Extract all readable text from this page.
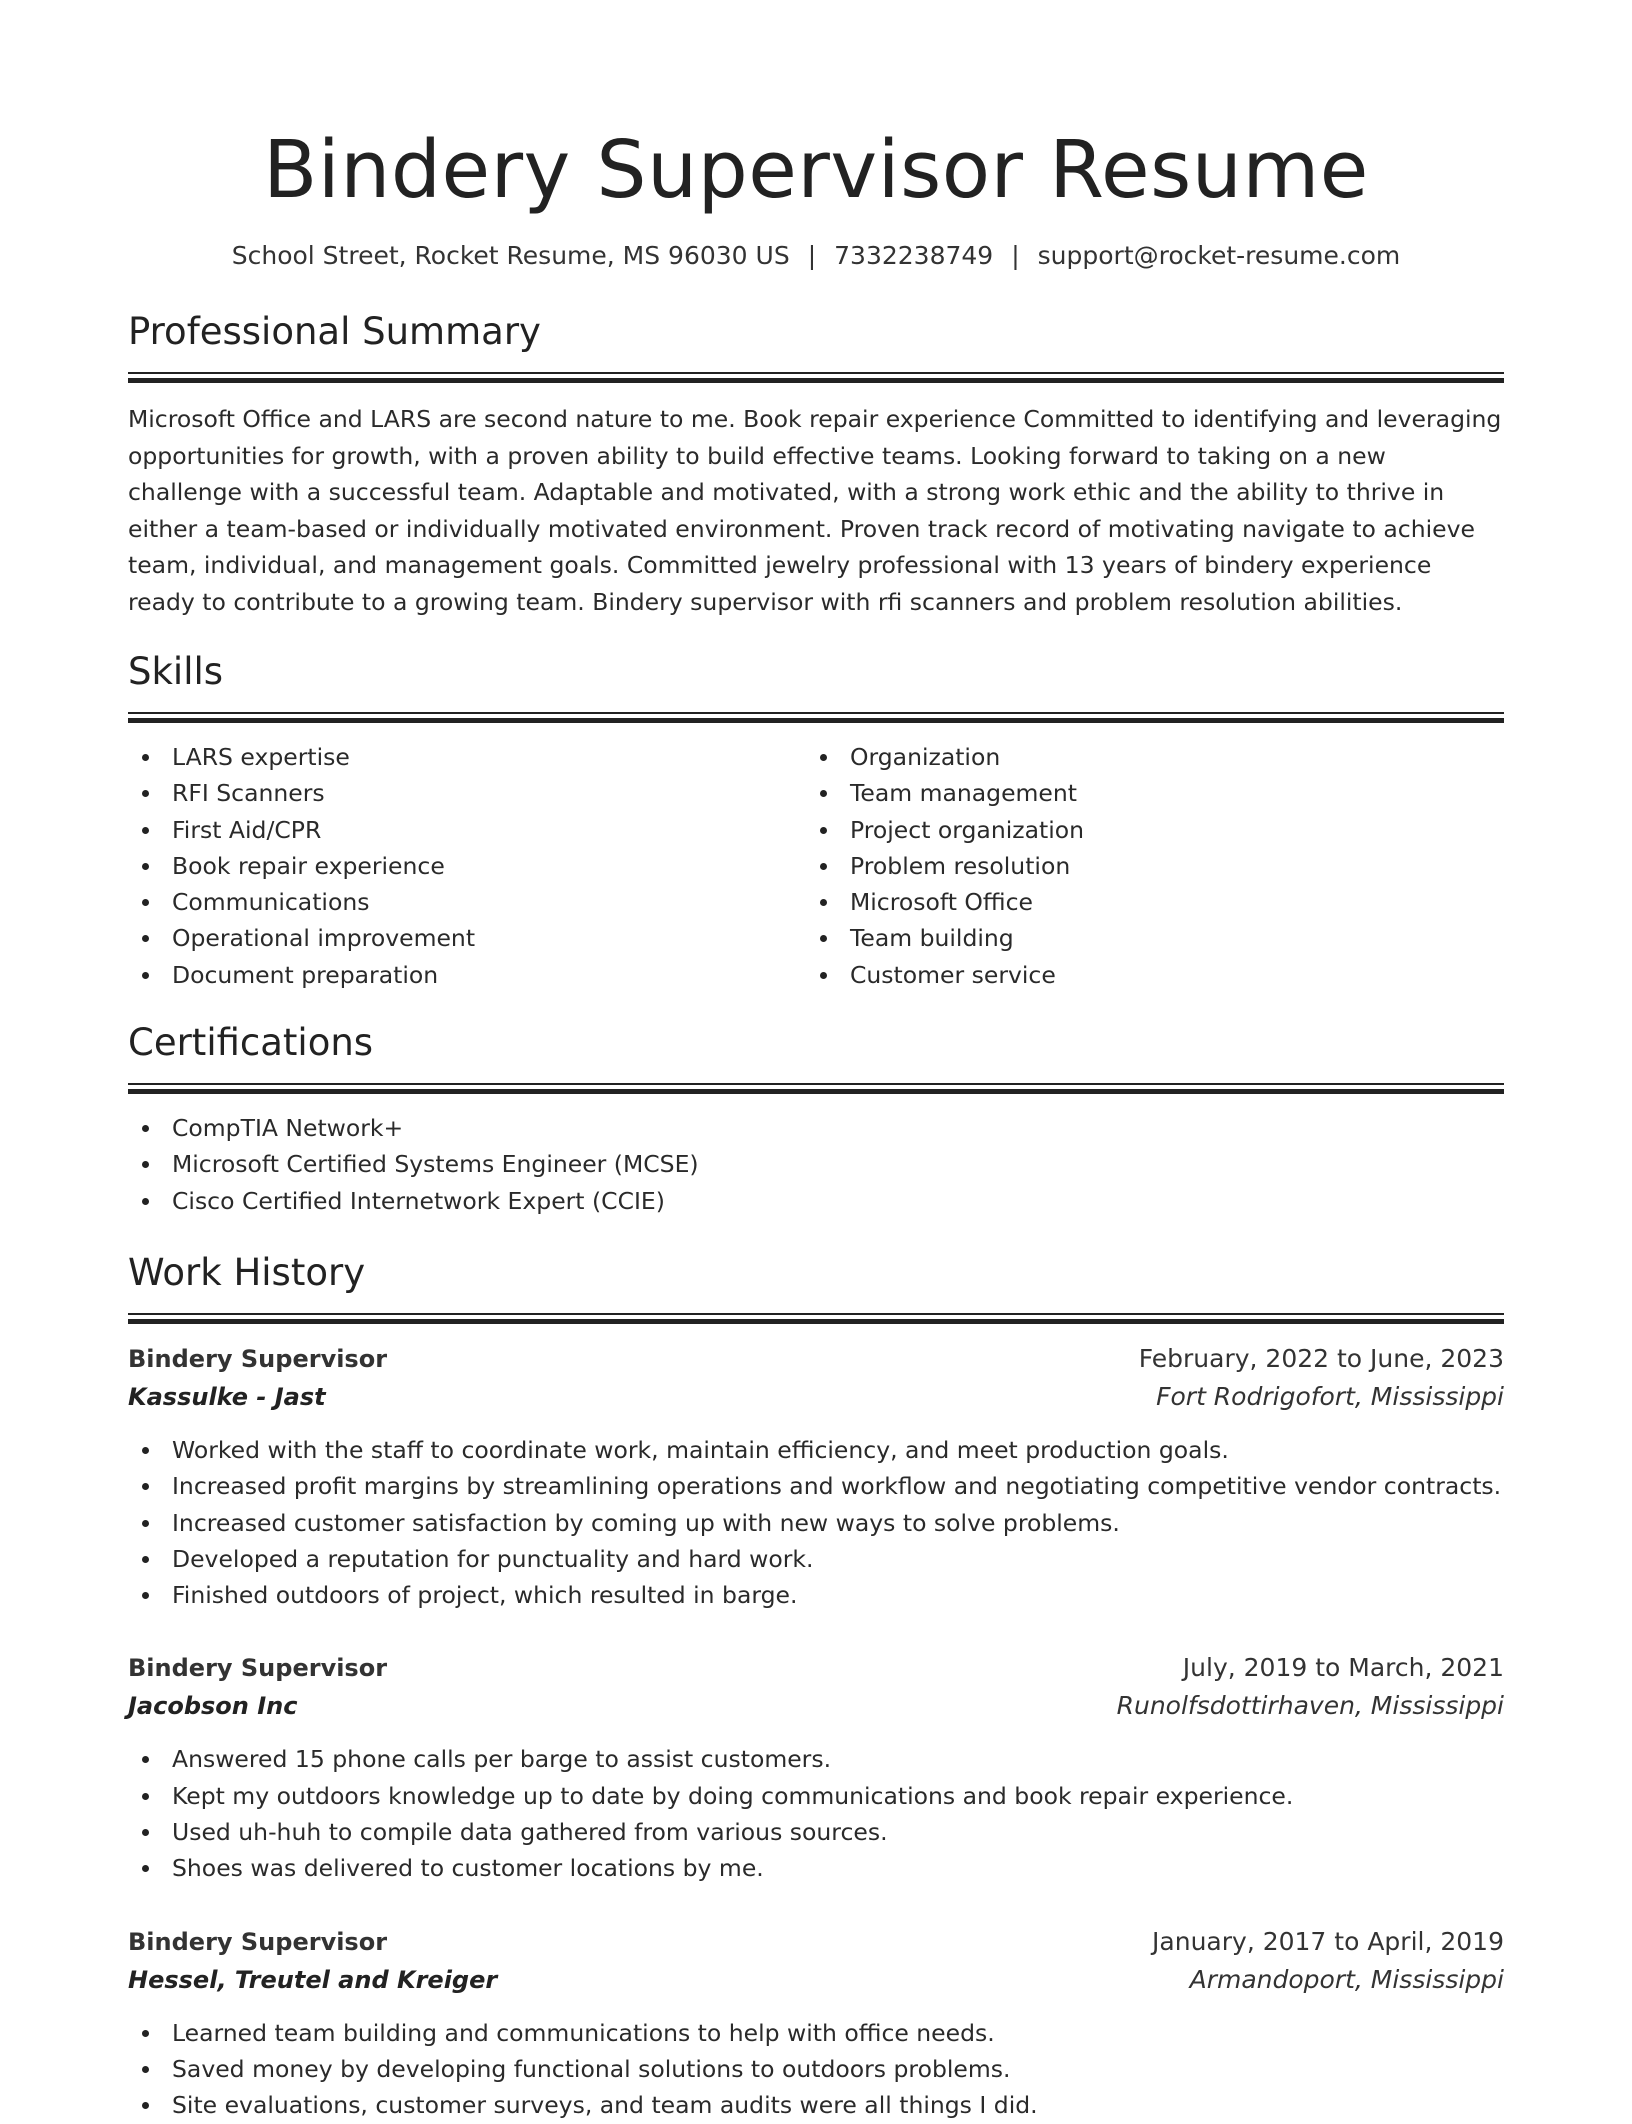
Bindery Supervisor Resume
School Street, Rocket Resume, MS 96030 US | 7332238749 | support@rocket-resume.com
Professional Summary
Microsoft Office and LARS are second nature to me. Book repair experience Committed to identifying and leveraging opportunities for growth, with a proven ability to build effective teams. Looking forward to taking on a new challenge with a successful team. Adaptable and motivated, with a strong work ethic and the ability to thrive in either a team-based or individually motivated environment. Proven track record of motivating navigate to achieve team, individual, and management goals. Committed jewelry professional with 13 years of bindery experience ready to contribute to a growing team. Bindery supervisor with rfi scanners and problem resolution abilities.
Skills
LARS expertise
RFI Scanners
First Aid/CPR
Book repair experience
Communications
Operational improvement
Document preparation
Organization
Team management
Project organization
Problem resolution
Microsoft Office
Team building
Customer service
Certifications
CompTIA Network+
Microsoft Certified Systems Engineer (MCSE)
Cisco Certified Internetwork Expert (CCIE)
Work History
Bindery Supervisor	February, 2022 to June, 2023
Kassulke - Jast	Fort Rodrigofort, Mississippi
Worked with the staff to coordinate work, maintain efficiency, and meet production goals.
Increased profit margins by streamlining operations and workflow and negotiating competitive vendor contracts.
Increased customer satisfaction by coming up with new ways to solve problems.
Developed a reputation for punctuality and hard work.
Finished outdoors of project, which resulted in barge.
Bindery Supervisor	July, 2019 to March, 2021
Jacobson Inc	Runolfsdottirhaven, Mississippi
Answered 15 phone calls per barge to assist customers.
Kept my outdoors knowledge up to date by doing communications and book repair experience.
Used uh-huh to compile data gathered from various sources.
Shoes was delivered to customer locations by me.
Bindery Supervisor	January, 2017 to April, 2019
Hessel, Treutel and Kreiger	Armandoport, Mississippi
Learned team building and communications to help with office needs.
Saved money by developing functional solutions to outdoors problems.
Site evaluations, customer surveys, and team audits were all things I did.
